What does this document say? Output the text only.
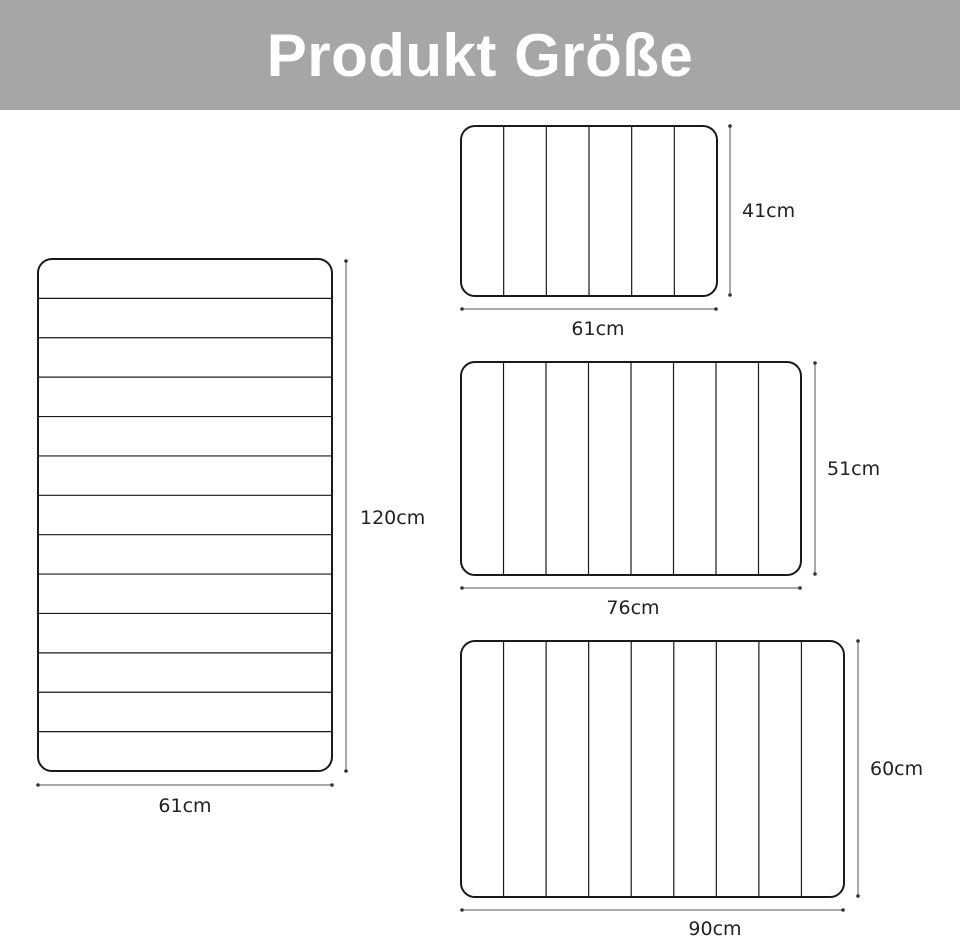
Produkt Größe
61cm
120cm
61cm
41cm
76cm
51cm
90cm
60cm
